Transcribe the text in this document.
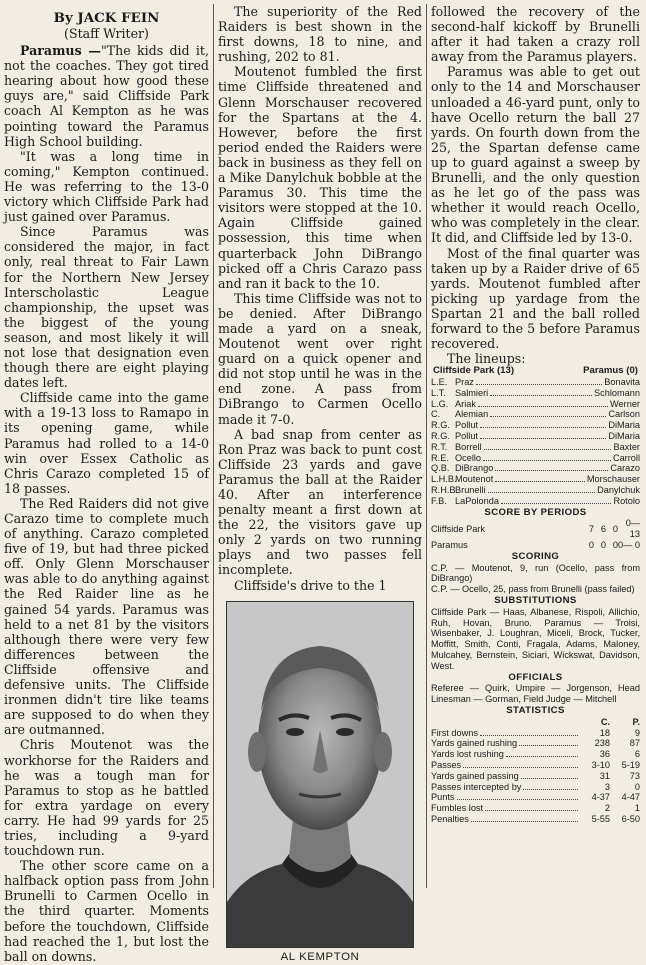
By JACK FEIN
(Staff Writer)

Paramus —"The kids did it, not the coaches. They got tired hearing about how good these guys are," said Cliffside Park coach Al Kempton as he was pointing toward the Paramus High School building.

"It was a long time in coming," Kempton continued. He was referring to the 13-0 victory which Cliffside Park had just gained over Paramus.

Since Paramus was considered the major, in fact only, real threat to Fair Lawn for the Northern New Jersey Interscholastic League championship, the upset was the biggest of the young season, and most likely it will not lose that designation even though there are eight playing dates left.

Cliffside came into the game with a 19-13 loss to Ramapo in its opening game, while Paramus had rolled to a 14-0 win over Essex Catholic as Chris Carazo completed 15 of 18 passes.

The Red Raiders did not give Carazo time to complete much of anything. Carazo completed five of 19, but had three picked off. Only Glenn Morschauser was able to do anything against the Red Raider line as he gained 54 yards. Paramus was held to a net 81 by the visitors although there were very few differences between the Cliffside offensive and defensive units. The Cliffside ironmen didn't tire like teams are supposed to do when they are outmanned.

Chris Moutenot was the workhorse for the Raiders and he was a tough man for Paramus to stop as he battled for extra yardage on every carry. He had 99 yards for 25 tries, including a 9-yard touchdown run.

The other score came on a halfback option pass from John Brunelli to Carmen Ocello in the third quarter. Moments before the touchdown, Cliffside had reached the 1, but lost the ball on downs.

The superiority of the Red Raiders is best shown in the first downs, 18 to nine, and rushing, 202 to 81.

Moutenot fumbled the first time Cliffside threatened and Glenn Morschauser recovered for the Spartans at the 4. However, before the first period ended the Raiders were back in business as they fell on a Mike Danylchuk bobble at the Paramus 30. This time the visitors were stopped at the 10. Again Cliffside gained possession, this time when quarterback John DiBrango picked off a Chris Carazo pass and ran it back to the 10.

This time Cliffside was not to be denied. After DiBrango made a yard on a sneak, Moutenot went over right guard on a quick opener and did not stop until he was in the end zone. A pass from DiBrango to Carmen Ocello made it 7-0.

A bad snap from center as Ron Praz was back to punt cost Cliffside 23 yards and gave Paramus the ball at the Raider 40. After an interference penalty meant a first down at the 22, the visitors gave up only 2 yards on two running plays and two passes fell incomplete.

Cliffside's drive to the 1

AL KEMPTON

followed the recovery of the second-half kickoff by Brunelli after it had taken a crazy roll away from the Paramus players.

Paramus was able to get out only to the 14 and Morschauser unloaded a 46-yard punt, only to have Ocello return the ball 27 yards. On fourth down from the 25, the Spartan defense came up to guard against a sweep by Brunelli, and the only question as he let go of the pass was whether it would reach Ocello, who was completely in the clear. It did, and Cliffside led by 13-0.

Most of the final quarter was taken up by a Raider drive of 65 yards. Moutenot fumbled after picking up yardage from the Spartan 21 and the ball rolled forward to the 5 before Paramus recovered.

The lineups:

Cliffside Park (13)	Paramus (0)
L.E. Praz	Bonavita
L.T. Salmieri	Schlomann
L.G. Ariak	Werner
C.	Alemian	Carlson
R.G. Pollut	DiMaria
R.G. Pollut	DiMaria
R.T. Borrell	Baxter
R.E. Ocello	Carroll
Q.B. DiBrango	Carazo
L.H.B.
Moutenot	Morschauser
R.H.B.
Brunelli	Danylchuk
F.B. LaPolonda	Rotolo
SCORE BY PERIODS
Cliffside Park	7	6	0	0—13
Paramus	0	0	0	0— 0
SCORING
C.P. — Moutenot, 9, run (Ocello, pass from DiBrango)
C.P. — Ocello, 25, pass from Brunelli (pass failed)
SUBSTITUTIONS
Cliffside Park — Haas, Albanese, Rispoli, Allichio, Ruh, Hovan, Bruno. Paramus — Troisi, Wisenbaker, J. Loughran, Miceli, Brock, Tucker, Moffitt, Smith, Conti, Fragala, Adams, Maloney, Mulcahey, Bernstein, Siciari, Wickswat, Davidson, West.
OFFICIALS
Referee — Quirk, Umpire — Jorgenson, Head Linesman — Gorman, Field Judge — Mitchell
STATISTICS
C.	P.
First downs	18	9
Yards gained rushing	238	87
Yards lost rushing	36	6
Passes	3-10	5-19
Yards gained passing	31	73
Passes intercepted by	3	0
Punts	4-37	4-47
Fumbles lost	2	1
Penalties	5-55	6-50
